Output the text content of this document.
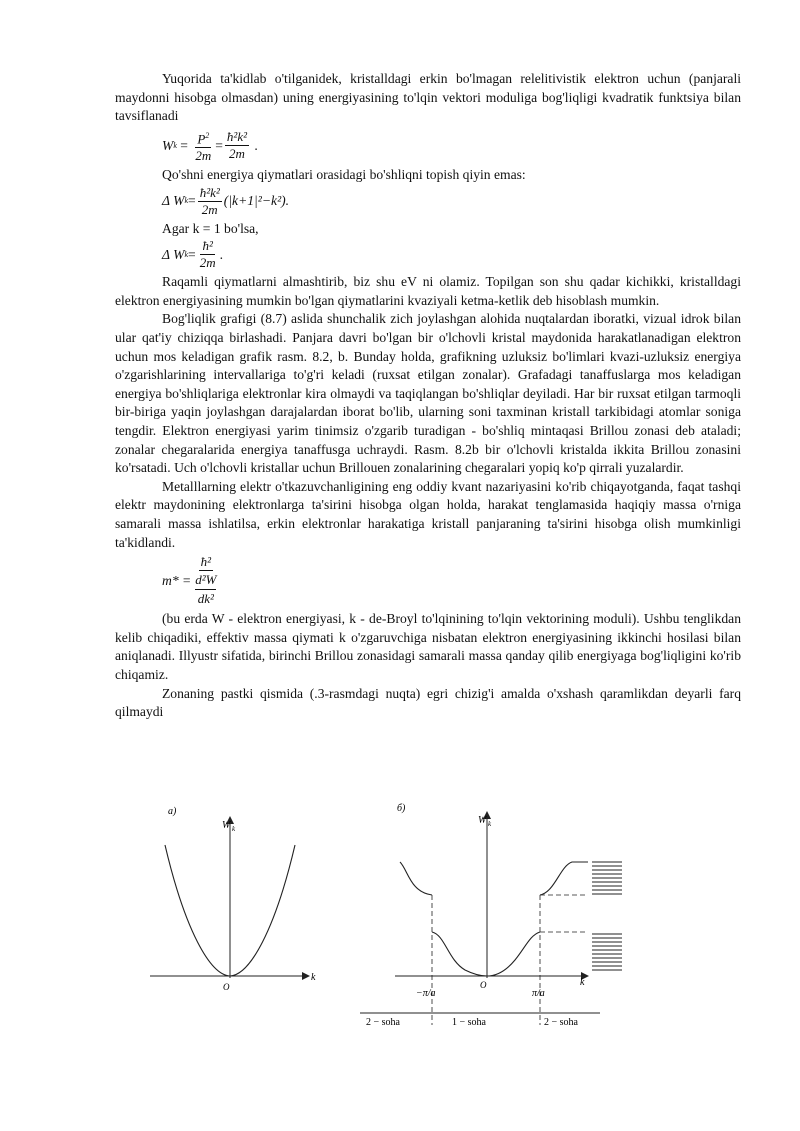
Yuqorida ta'kidlab o'tilganidek, kristalldagi erkin bo'lmagan relelitivistik elektron uchun (panjarali maydonni hisobga olmasdan) uning energiyasining to'lqin vektori moduliga bog'liqligi kvadratik funktsiya bilan tavsiflanadi

W $k = \frac{P^2}{2m} = \frac{\text{ħ²k²}}{2m}$ .
Qo'shni energiya qiymatlari orasidagi bo'shliqni topish qiyin emas:
Δ W $k = \frac{\text{ħ²k²}}{2m} (|k+1|^2-k^2)$.
Agar k = 1 bo'lsa,
Δ W $k = \frac{\text{ħ²}}{2m}$ .

Raqamli qiymatlarni almashtirib, biz shu eV ni olamiz. Topilgan son shu qadar kichikki, kristalldagi elektron energiyasining mumkin bo'lgan qiymatlarini kvaziyali ketma-ketlik deb hisoblash mumkin.

Bog'liqlik grafigi (8.7) aslida shunchalik zich joylashgan alohida nuqtalardan iboratki, vizual idrok bilan ular qat'iy chiziqqa birlashadi. Panjara davri bo'lgan bir o'lchovli kristal maydonida harakatlanadigan elektron uchun mos keladigan grafik rasm. 8.2, b. Bunday holda, grafikning uzluksiz bo'limlari kvazi-uzluksiz energiya o'zgarishlarining intervallariga to'g'ri keladi (ruxsat etilgan zonalar). Grafadagi tanaffuslarga mos keladigan energiya bo'shliqlariga elektronlar kira olmaydi va taqiqlangan bo'shliqlar deyiladi. Har bir ruxsat etilgan tarmoqli bir-biriga yaqin joylashgan darajalardan iborat bo'lib, ularning soni taxminan kristall tarkibidagi atomlar soniga tengdir. Elektron energiyasi yarim tinimsiz o'zgarib turadigan - bo'shliq mintaqasi Brillou zonasi deb ataladi; zonalar chegaralarida energiya tanaffusga uchraydi. Rasm. 8.2b bir o'lchovli kristalda ikkita Brillou zonasini ko'rsatadi. Uch o'lchovli kristallar uchun Brillouen zonalarining chegaralari yopiq ko'p qirrali yuzalardir.

Metalllarning elektr o'tkazuvchanligining eng oddiy kvant nazariyasini ko'rib chiqayotganda, faqat tashqi elektr maydonining elektronlarga ta'sirini hisobga olgan holda, harakat tenglamasida haqiqiy massa o'rniga samarali massa ishlatilsa, erkin elektronlar harakatiga kristall panjaraning ta'sirini hisobga olish mumkinligi ta'kidlandi.

m* = ħ²
d²W
dk²

(bu erda W - elektron energiyasi, k - de-Broyl to'lqinining to'lqin vektorining moduli). Ushbu tenglikdan kelib chiqadiki, effektiv massa qiymati k o'zgaruvchiga nisbatan elektron energiyasining ikkinchi hosilasi bilan aniqlanadi. Illyustr sifatida, birinchi Brillou zonasidagi samarali massa qanday qilib energiyaga bog'liqligini ko'rib chiqamiz.

Zonaning pastki qismida (.3-rasmdagi nuqta) egri chizig'i amalda o'xshash qaramlikdan deyarli farq qilmaydi

a)
W k
k
O
б)
W k
k
O
−π/a	π/a
2 − soha	1 − soha	2 − soha
